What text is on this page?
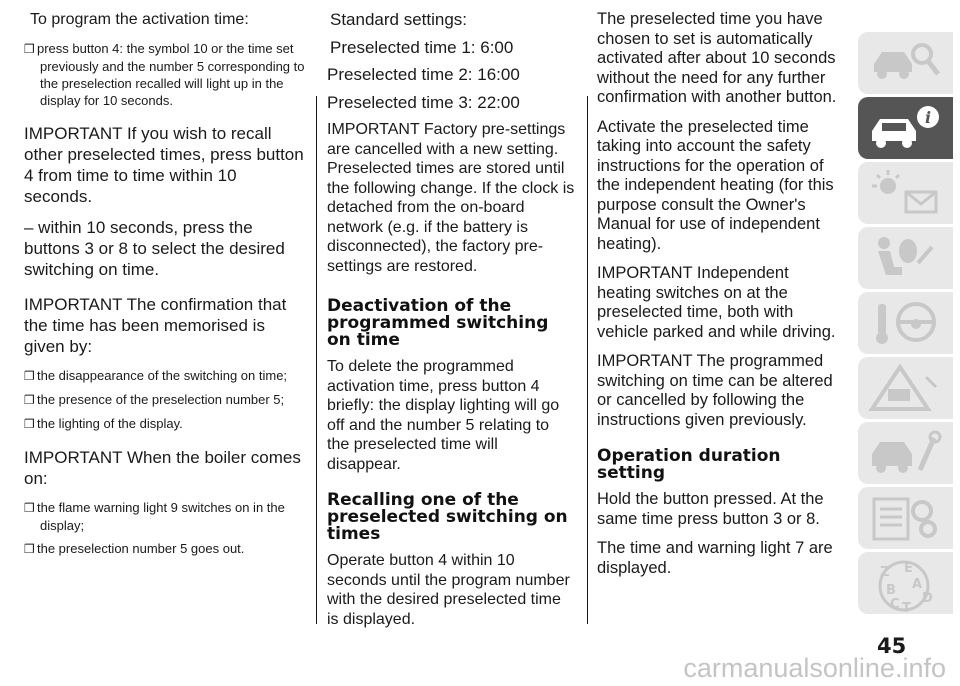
To program the activation time:

❒ press button 4: the symbol 10 or the time set previously and the number 5 corresponding to the preselection recalled will light up in the display for 10 seconds.

IMPORTANT If you wish to recall other preselected times, press button 4 from time to time within 10 seconds.

– within 10 seconds, press the buttons 3 or 8 to select the desired switching on time.

IMPORTANT The confirmation that the time has been memorised is given by:

❒ the disappearance of the switching on time;

❒ the presence of the preselection number 5;

❒ the lighting of the display.

IMPORTANT When the boiler comes on:

❒ the flame warning light 9 switches on in the display;

❒ the preselection number 5 goes out.

Standard settings:

Preselected time 1: 6:00

Preselected time 2: 16:00

Preselected time 3: 22:00

IMPORTANT Factory pre-settings are cancelled with a new setting. Preselected times are stored until the following change. If the clock is detached from the on-board network (e.g. if the battery is disconnected), the factory pre-settings are restored.

Deactivation of the programmed switching on time

To delete the programmed activation time, press button 4 briefly: the display lighting will go off and the number 5 relating to the preselected time will disappear.

Recalling one of the preselected switching on times

Operate button 4 within 10 seconds until the program number with the desired preselected time is displayed.

The preselected time you have chosen to set is automatically activated after about 10 seconds without the need for any further confirmation with another button.

Activate the preselected time taking into account the safety instructions for the operation of the independent heating (for this purpose consult the Owner's Manual for use of independent heating).

IMPORTANT Independent heating switches on at the preselected time, both with vehicle parked and while driving.

IMPORTANT The programmed switching on time can be altered or cancelled by following the instructions given previously.

Operation duration setting

Hold the button pressed. At the same time press button 3 or 8.

The time and warning light 7 are displayed.

i
Z E
A
B
D
C T
45
carmanualsonline.info
